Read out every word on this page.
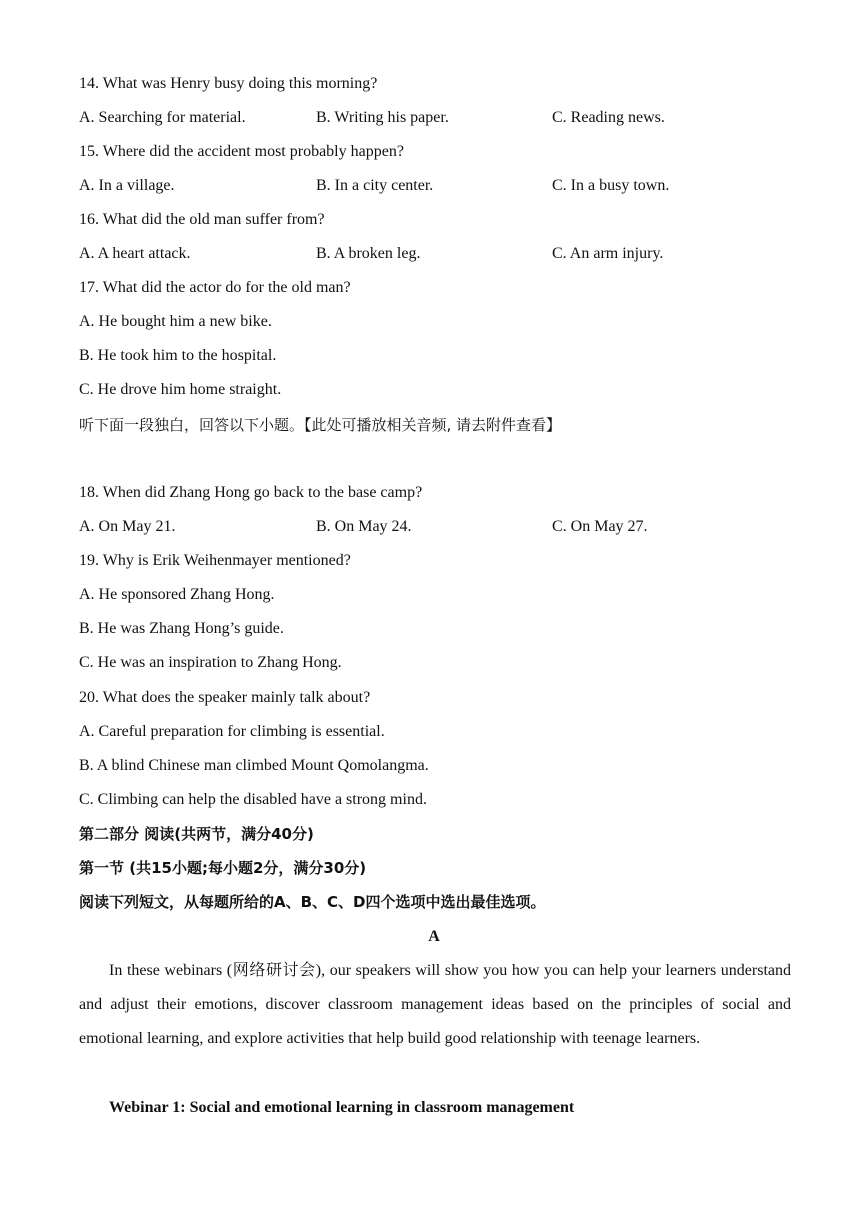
14. What was Henry busy doing this morning?
A. Searching for material.	B. Writing his paper.	C. Reading news.
15. Where did the accident most probably happen?
A. In a village.	B. In a city center.	C. In a busy town.
16. What did the old man suffer from?
A. A heart attack.	B. A broken leg.	C. An arm injury.
17. What did the actor do for the old man?
A. He bought him a new bike.
B. He took him to the hospital.
C. He drove him home straight.
听下面一段独白，回答以下小题。【此处可播放相关音频, 请去附件查看】
18. When did Zhang Hong go back to the base camp?
A. On May 21.	B. On May 24.	C. On May 27.
19. Why is Erik Weihenmayer mentioned?
A. He sponsored Zhang Hong.
B. He was Zhang Hong’s guide.
C. He was an inspiration to Zhang Hong.
20. What does the speaker mainly talk about?
A. Careful preparation for climbing is essential.
B. A blind Chinese man climbed Mount Qomolangma.
C. Climbing can help the disabled have a strong mind.
第二部分 阅读(共两节，满分40分)
第一节 (共15小题;每小题2分，满分30分)
阅读下列短文，从每题所给的A、B、C、D四个选项中选出最佳选项。
A
In these webinars (网络研讨会), our speakers will show you how you can help your learners understand and adjust their emotions, discover classroom management ideas based on the principles of social and emotional learning, and explore activities that help build good relationship with teenage learners.
Webinar 1: Social and emotional learning in classroom management
